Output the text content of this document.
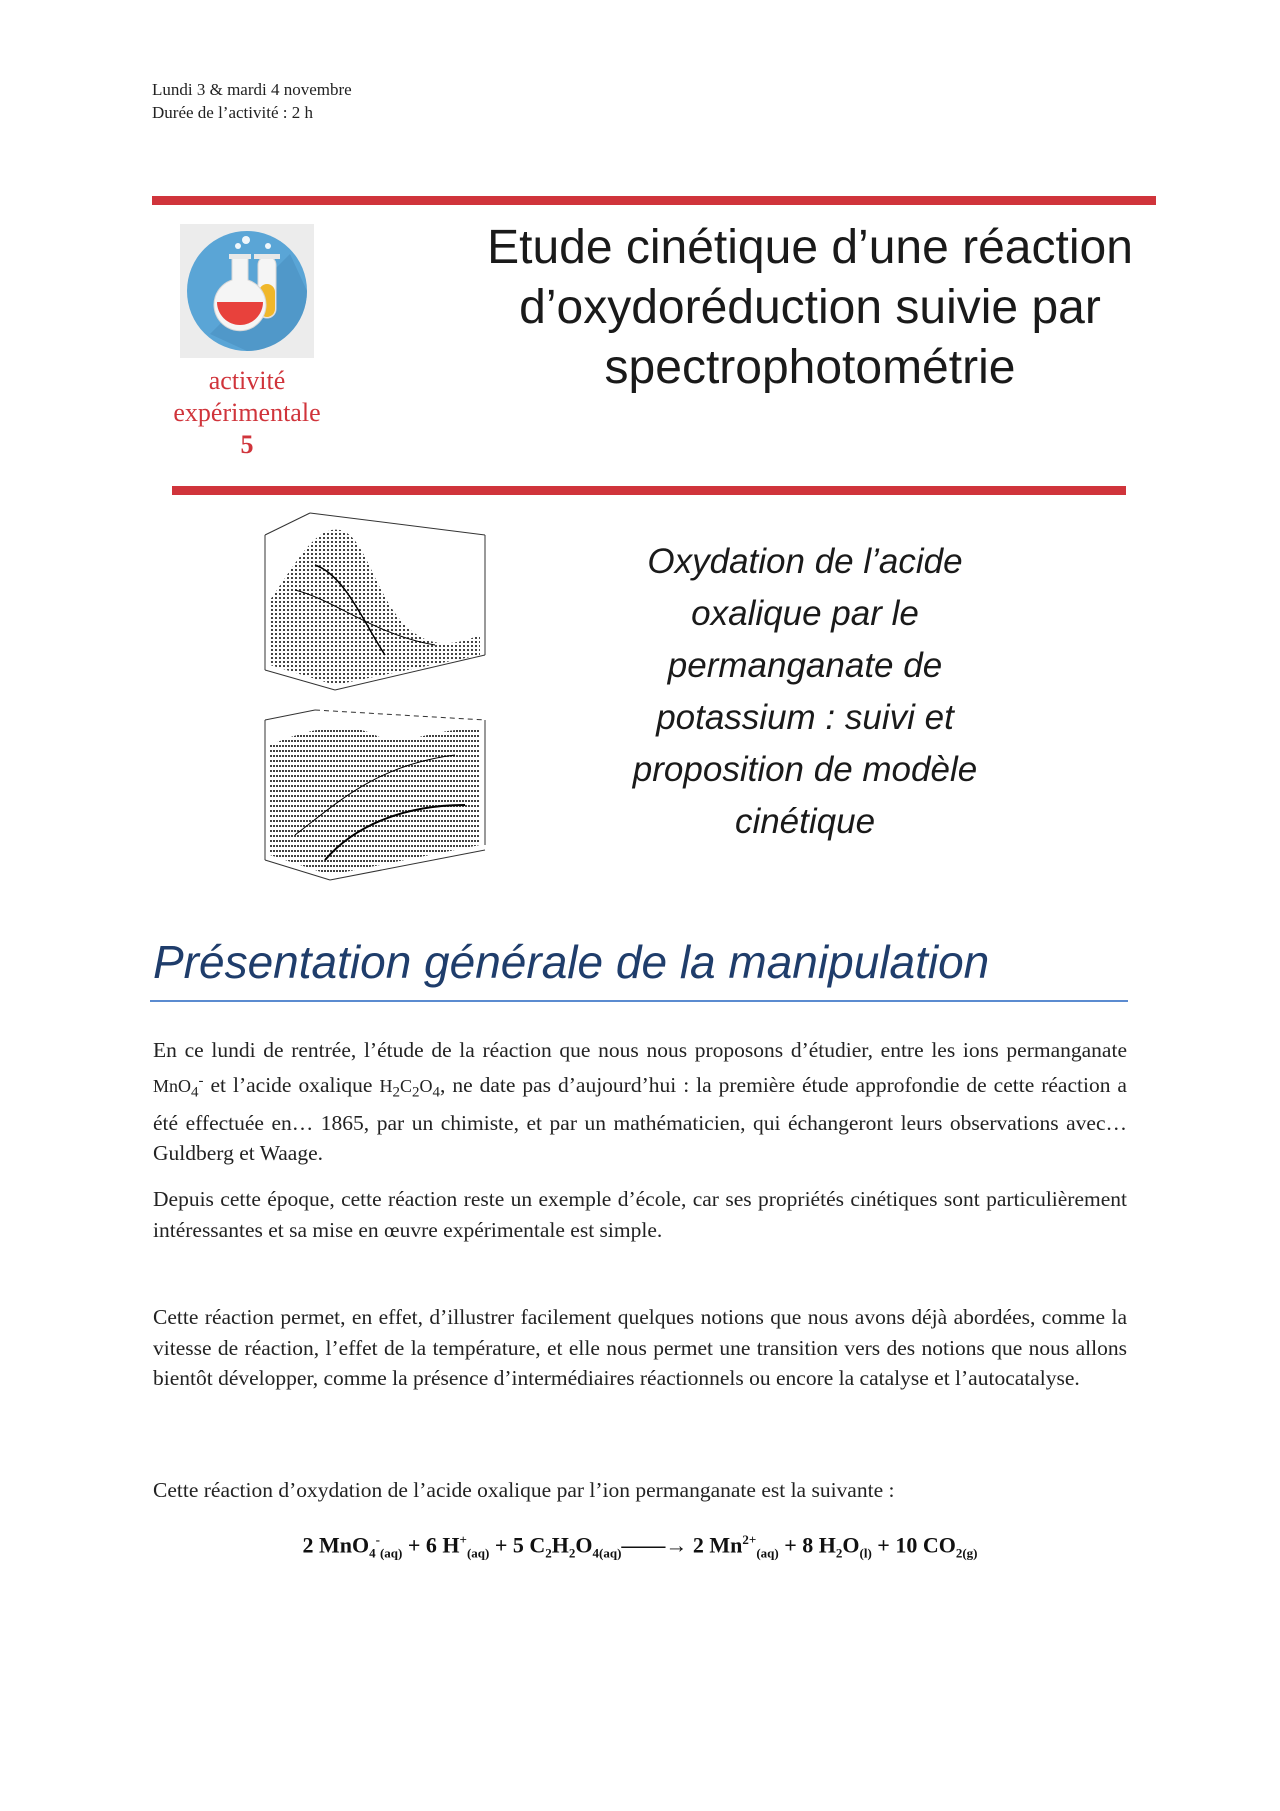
Lundi 3 & mardi 4 novembre
Durée de l’activité : 2 h
activité
expérimentale
5
Etude cinétique d’une réaction
d’oxydoréduction suivie par
spectrophotométrie
Oxydation de l’acide
oxalique par le
permanganate de
potassium : suivi et
proposition de modèle
cinétique
Présentation générale de la manipulation

En ce lundi de rentrée, l’étude de la réaction que nous nous proposons d’étudier, entre les ions permanganate MnO$_4$- et l’acide oxalique $H_2C_2O_4$, ne date pas d’aujourd’hui : la première étude approfondie de cette réaction a été effectuée en… 1865, par un chimiste, et par un mathématicien, qui échangeront leurs observations avec…Guldberg et Waage.

Depuis cette époque, cette réaction reste un exemple d’école, car ses propriétés cinétiques sont particulièrement intéressantes et sa mise en œuvre expérimentale est simple.

Cette réaction permet, en effet, d’illustrer facilement quelques notions que nous avons déjà abordées, comme la vitesse de réaction, l’effet de la température, et elle nous permet une transition vers des notions que nous allons bientôt développer, comme la présence d’intermédiaires réactionnels ou encore la catalyse et l’autocatalyse.

Cette réaction d’oxydation de l’acide oxalique par l’ion permanganate est la suivante :

2 MnO$_4$-$_{(aq)}$ + 6 $H^+_{(aq)} + 5$ $C_2H_2O_{4(aq)}——\to 2$ $Mn^{2+}_{(aq)} + 8$ $H_2O_{(l)} + 10$ $CO_{2(g)}$
